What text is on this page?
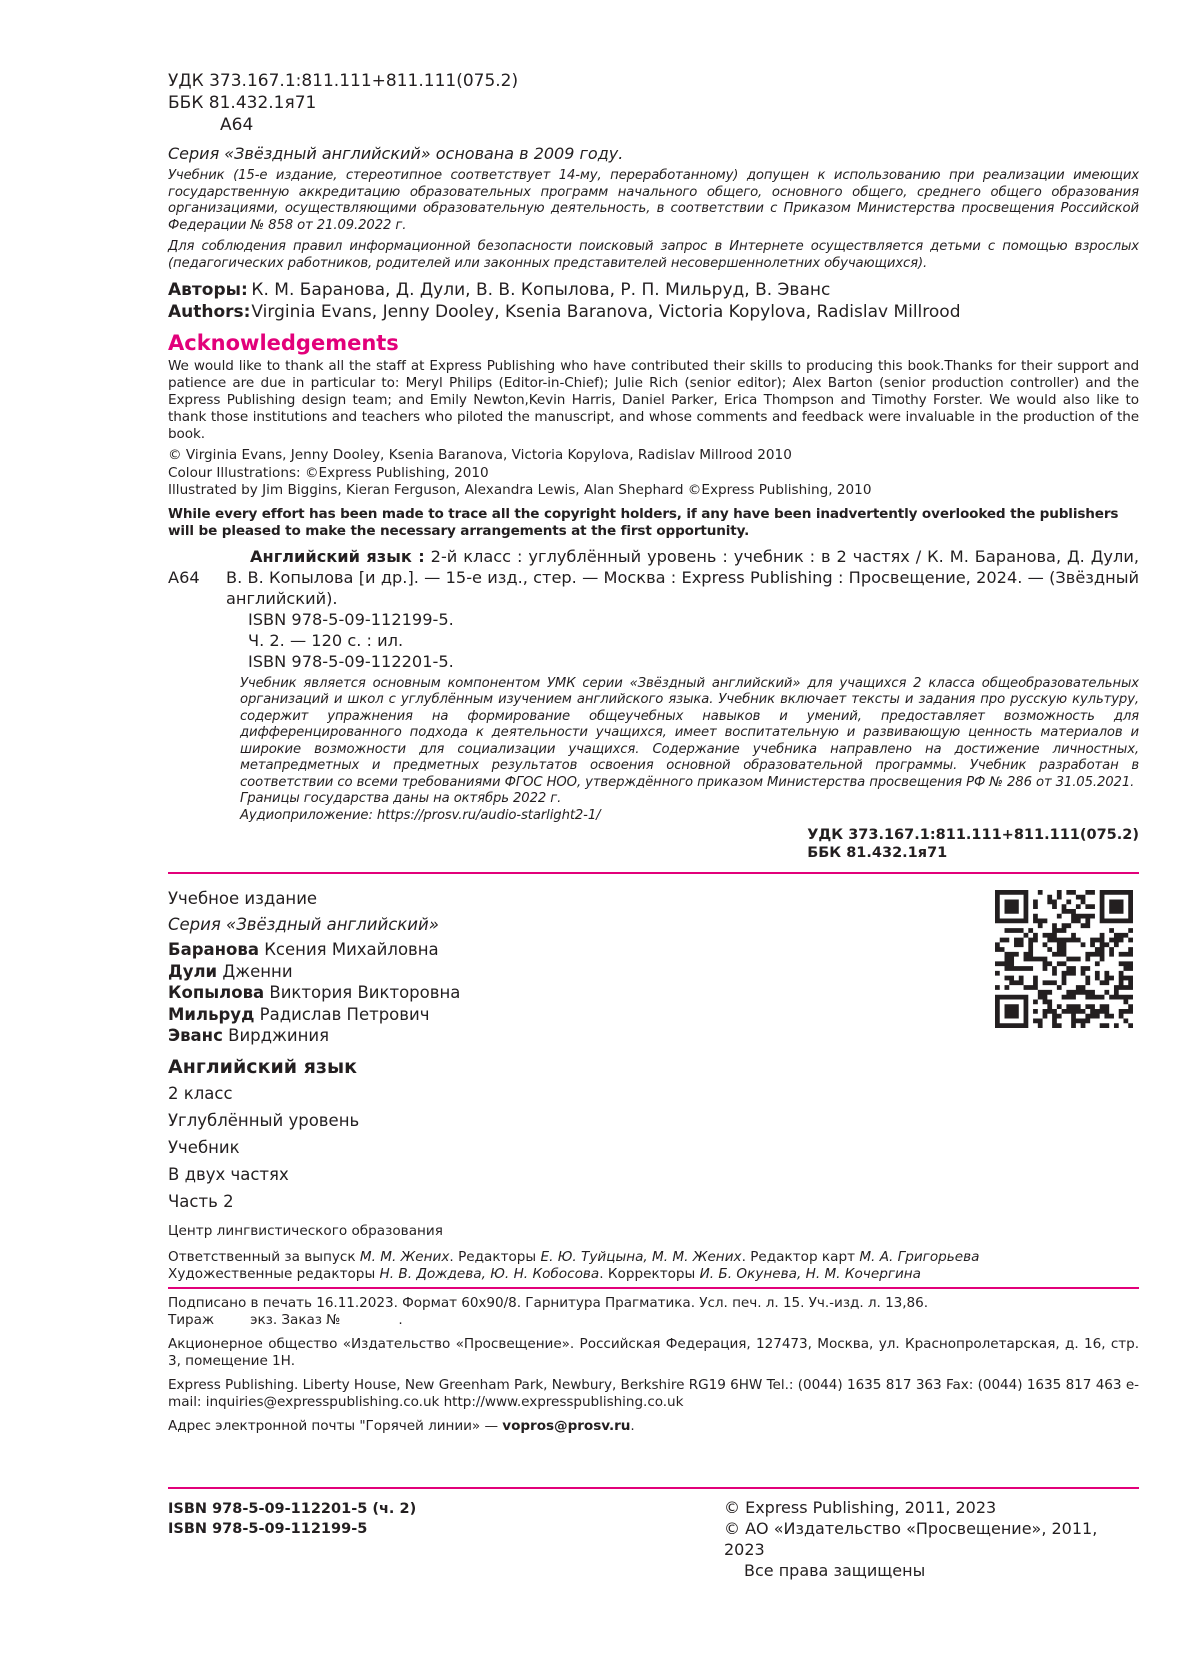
УДК 373.167.1:811.111+811.111(075.2)
ББК 81.432.1я71
А64
Серия «Звёздный английский» основана в 2009 году.
Учебник (15-е издание, стереотипное соответствует 14-му, переработанному) допущен к использованию при реализации имеющих государственную аккредитацию образовательных программ начального общего, основного общего, среднего общего образования организациями, осуществляющими образовательную деятельность, в соответствии с Приказом Министерства просвещения Российской Федерации № 858 от 21.09.2022 г.
Для соблюдения правил информационной безопасности поисковый запрос в Интернете осуществляется детьми с помощью взрослых (педагогических работников, родителей или законных представителей несовершеннолетних обучающихся).
Авторы: К. М. Баранова, Д. Дули, В. В. Копылова, Р. П. Мильруд, В. Эванс
Authors: Virginia Evans, Jenny Dooley, Ksenia Baranova, Victoria Kopylova, Radislav Millrood
Acknowledgements
We would like to thank all the staff at Express Publishing who have contributed their skills to producing this book.Thanks for their support and patience are due in particular to: Meryl Philips (Editor-in-Chief); Julie Rich (senior editor); Alex Barton (senior production controller) and the Express Publishing design team; and Emily Newton,Kevin Harris, Daniel Parker, Erica Thompson and Timothy Forster. We would also like to thank those institutions and teachers who piloted the manuscript, and whose comments and feedback were invaluable in the production of the book.
© Virginia Evans, Jenny Dooley, Ksenia Baranova, Victoria Kopylova, Radislav Millrood 2010
Colour Illustrations: ©Express Publishing, 2010
Illustrated by Jim Biggins, Kieran Ferguson, Alexandra Lewis, Alan Shephard ©Express Publishing, 2010
While every effort has been made to trace all the copyright holders, if any have been inadvertently overlooked the publishers will be pleased to make the necessary arrangements at the first opportunity.
А64
Английский язык : 2-й класс : углублённый уровень : учебник : в 2 частях / К. М. Баранова, Д. Дули, В. В. Копылова [и др.]. — 15-е изд., стер. — Москва : Express Publishing : Просвещение, 2024. — (Звёздный английский).
ISBN 978-5-09-112199-5.
Ч. 2. — 120 с. : ил.
ISBN 978-5-09-112201-5.
Учебник является основным компонентом УМК серии «Звёздный английский» для учащихся 2 класса общеобразовательных организаций и школ с углублённым изучением английского языка. Учебник включает тексты и задания про русскую культуру, содержит упражнения на формирование общеучебных навыков и умений, предоставляет возможность для дифференцированного подхода к деятельности учащихся, имеет воспитательную и развивающую ценность материалов и широкие возможности для социализации учащихся. Содержание учебника направлено на достижение личностных, метапредметных и предметных результатов освоения основной образовательной программы. Учебник разработан в соответствии со всеми требованиями ФГОС НОО, утверждённого приказом Министерства просвещения РФ № 286 от 31.05.2021.
Границы государства даны на октябрь 2022 г.
Аудиоприложение: https://prosv.ru/audio-starlight2-1/
УДК 373.167.1:811.111+811.111(075.2)
ББК 81.432.1я71
Учебное издание
Серия «Звёздный английский»
Баранова Ксения Михайловна
Дули Дженни
Копылова Виктория Викторовна
Мильруд Радислав Петрович
Эванс Вирджиния
Английский язык
2 класс
Углублённый уровень
Учебник
В двух частях
Часть 2
Центр лингвистического образования
Ответственный за выпуск М. М. Жених. Редакторы Е. Ю. Туйцына, М. М. Жених. Редактор карт М. А. Григорьева
Художественные редакторы Н. В. Дождева, Ю. Н. Кобосова. Корректоры И. Б. Окунева, Н. М. Кочергина
Подписано в печать 16.11.2023. Формат 60х90/8. Гарнитура Прагматика. Усл. печ. л. 15. Уч.-изд. л. 13,86.
Тираж	экз. Заказ №	.
Акционерное общество «Издательство «Просвещение». Российская Федерация, 127473, Москва, ул. Краснопролетарская, д. 16, стр. 3, помещение 1Н.
Express Publishing. Liberty House, New Greenham Park, Newbury, Berkshire RG19 6HW Tel.: (0044) 1635 817 363 Fax: (0044) 1635 817 463 e-mail: inquiries@expresspublishing.co.uk http://www.expresspublishing.co.uk
Адрес электронной почты "Горячей линии» — vopros@prosv.ru.
ISBN 978-5-09-112201-5 (ч. 2)
ISBN 978-5-09-112199-5
© Express Publishing, 2011, 2023
© АО «Издательство «Просвещение», 2011, 2023
Все права защищены
